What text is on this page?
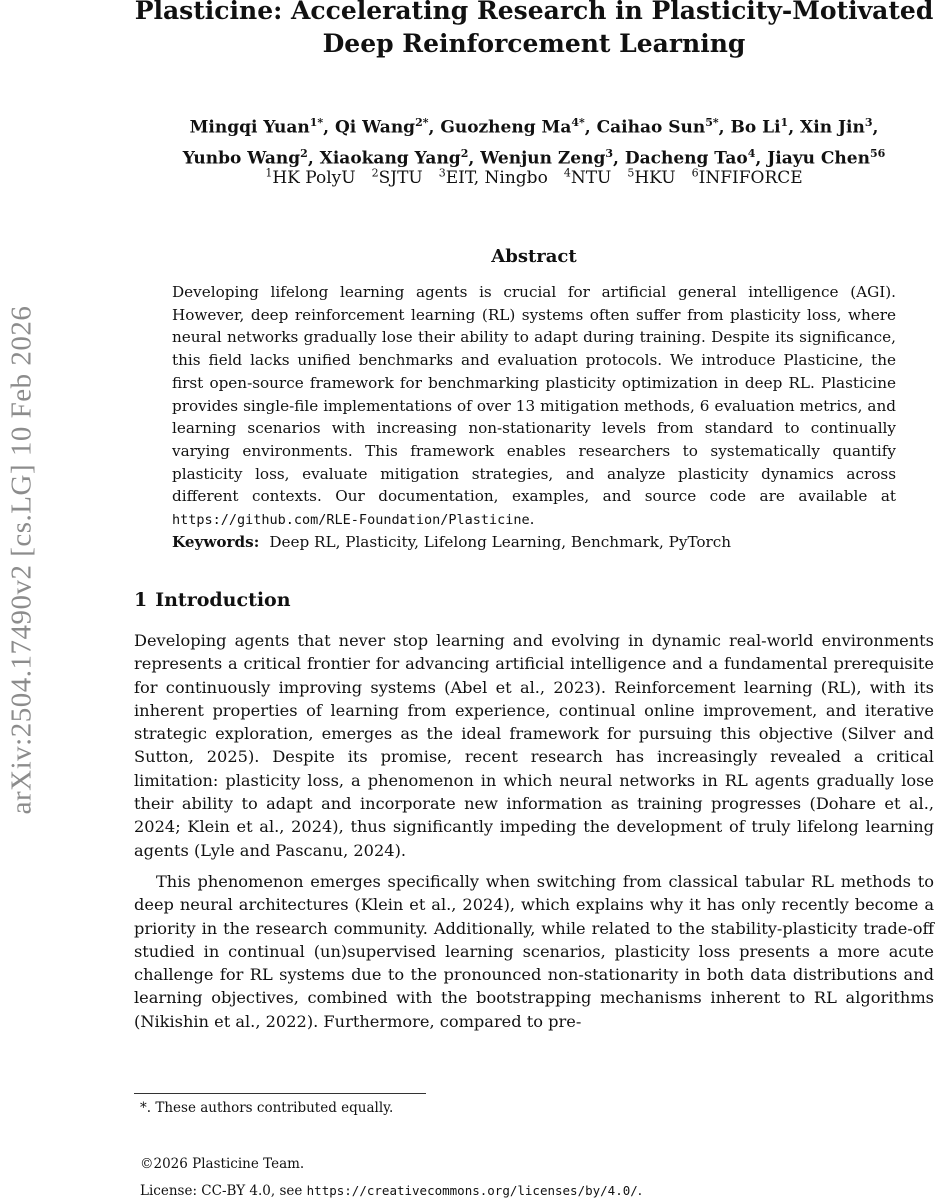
arXiv:2504.17490v2 [cs.LG] 10 Feb 2026
Plasticine: Accelerating Research in Plasticity-Motivated Deep Reinforcement Learning
Mingqi Yuan$^{1*}$, Qi Wang$^{2*}$, Guozheng $Ma^{4*}$, Caihao Sun$^{5*}$, Bo Li$^1$, Xin Jin$^3$,
Yunbo Wang$^2$, Xiaokang Yang$^2$, Wenjun Zeng$^3$, Dacheng Tao$^4$, Jiayu Chen$^{56}$
$^1$HK PolyU $^2$SJTU $^3$EIT, Ningbo $^4$NTU $^5$HKU $^6$INFIFORCE
Abstract
Developing lifelong learning agents is crucial for artificial general intelligence (AGI). However, deep reinforcement learning (RL) systems often suffer from plasticity loss, where neural networks gradually lose their ability to adapt during training. Despite its significance, this field lacks unified benchmarks and evaluation protocols. We introduce Plasticine, the first open-source framework for benchmarking plasticity optimization in deep RL. Plasticine provides single-file implementations of over 13 mitigation methods, 6 evaluation metrics, and learning scenarios with increasing non-stationarity levels from standard to continually varying environments. This framework enables researchers to systematically quantify plasticity loss, evaluate mitigation strategies, and analyze plasticity dynamics across different contexts. Our documentation, examples, and source code are available at https://github.com/RLE-Foundation/Plasticine.
Keywords: Deep RL, Plasticity, Lifelong Learning, Benchmark, PyTorch
1 Introduction

Developing agents that never stop learning and evolving in dynamic real-world environments represents a critical frontier for advancing artificial intelligence and a fundamental prerequisite for continuously improving systems (Abel et al., 2023). Reinforcement learning (RL), with its inherent properties of learning from experience, continual online improvement, and iterative strategic exploration, emerges as the ideal framework for pursuing this objective (Silver and Sutton, 2025). Despite its promise, recent research has increasingly revealed a critical limitation: plasticity loss, a phenomenon in which neural networks in RL agents gradually lose their ability to adapt and incorporate new information as training progresses (Dohare et al., 2024; Klein et al., 2024), thus significantly impeding the development of truly lifelong learning agents (Lyle and Pascanu, 2024).

This phenomenon emerges specifically when switching from classical tabular RL methods to deep neural architectures (Klein et al., 2024), which explains why it has only recently become a priority in the research community. Additionally, while related to the stability-plasticity trade-off studied in continual (un)supervised learning scenarios, plasticity loss presents a more acute challenge for RL systems due to the pronounced non-stationarity in both data distributions and learning objectives, combined with the bootstrapping mechanisms inherent to RL algorithms (Nikishin et al., 2022). Furthermore, compared to pre-

*. These authors contributed equally.
©2026 Plasticine Team.
License: CC-BY 4.0, see https://creativecommons.org/licenses/by/4.0/.
